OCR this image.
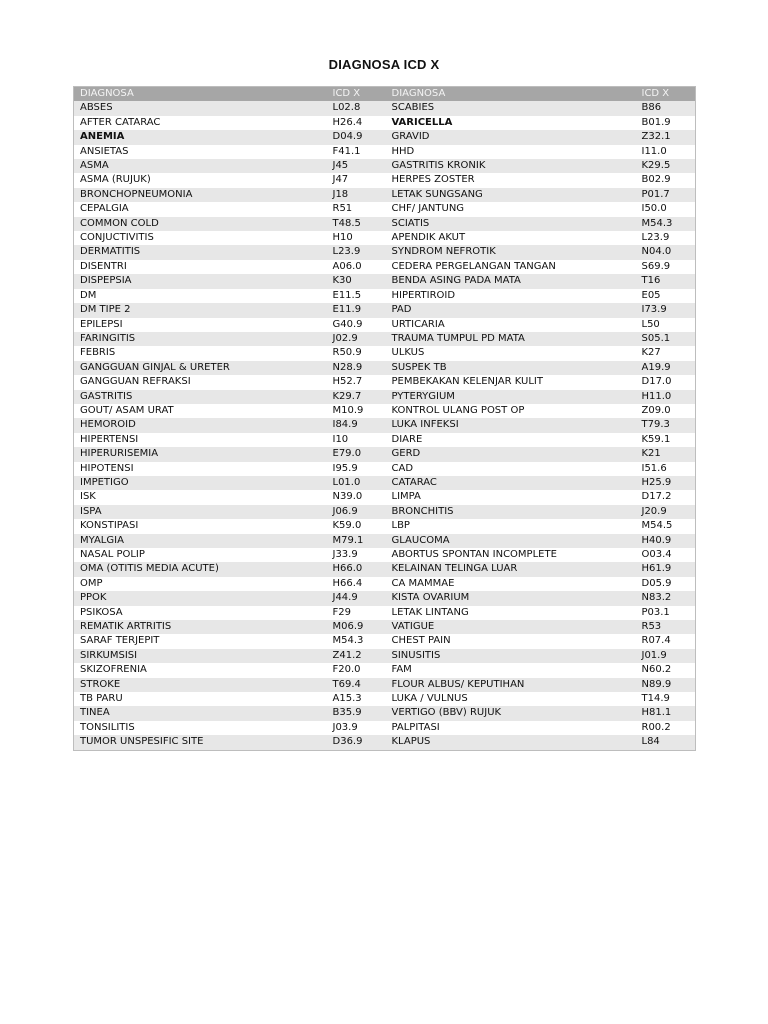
DIAGNOSA ICD X
DIAGNOSA	ICD X	DIAGNOSA	ICD X
ABSES	L02.8	SCABIES	B86
AFTER CATARAC	H26.4	VARICELLA	B01.9
ANEMIA	D04.9	GRAVID	Z32.1
ANSIETAS	F41.1	HHD	I11.0
ASMA	J45	GASTRITIS KRONIK	K29.5
ASMA (RUJUK)	J47	HERPES ZOSTER	B02.9
BRONCHOPNEUMONIA	J18	LETAK SUNGSANG	P01.7
CEPALGIA	R51	CHF/ JANTUNG	I50.0
COMMON COLD	T48.5	SCIATIS	M54.3
CONJUCTIVITIS	H10	APENDIK AKUT	L23.9
DERMATITIS	L23.9	SYNDROM NEFROTIK	N04.0
DISENTRI	A06.0	CEDERA PERGELANGAN TANGAN	S69.9
DISPEPSIA	K30	BENDA ASING PADA MATA	T16
DM	E11.5	HIPERTIROID	E05
DM TIPE 2	E11.9	PAD	I73.9
EPILEPSI	G40.9	URTICARIA	L50
FARINGITIS	J02.9	TRAUMA TUMPUL PD MATA	S05.1
FEBRIS	R50.9	ULKUS	K27
GANGGUAN GINJAL & URETER	N28.9	SUSPEK TB	A19.9
GANGGUAN REFRAKSI	H52.7	PEMBEKAKAN KELENJAR KULIT	D17.0
GASTRITIS	K29.7	PYTERYGIUM	H11.0
GOUT/ ASAM URAT	M10.9	KONTROL ULANG POST OP	Z09.0
HEMOROID	I84.9	LUKA INFEKSI	T79.3
HIPERTENSI	I10	DIARE	K59.1
HIPERURISEMIA	E79.0	GERD	K21
HIPOTENSI	I95.9	CAD	I51.6
IMPETIGO	L01.0	CATARAC	H25.9
ISK	N39.0	LIMPA	D17.2
ISPA	J06.9	BRONCHITIS	J20.9
KONSTIPASI	K59.0	LBP	M54.5
MYALGIA	M79.1	GLAUCOMA	H40.9
NASAL POLIP	J33.9	ABORTUS SPONTAN INCOMPLETE	O03.4
OMA (OTITIS MEDIA ACUTE)	H66.0	KELAINAN TELINGA LUAR	H61.9
OMP	H66.4	CA MAMMAE	D05.9
PPOK	J44.9	KISTA OVARIUM	N83.2
PSIKOSA	F29	LETAK LINTANG	P03.1
REMATIK ARTRITIS	M06.9	VATIGUE	R53
SARAF TERJEPIT	M54.3	CHEST PAIN	R07.4
SIRKUMSISI	Z41.2	SINUSITIS	J01.9
SKIZOFRENIA	F20.0	FAM	N60.2
STROKE	T69.4	FLOUR ALBUS/ KEPUTIHAN	N89.9
TB PARU	A15.3	LUKA / VULNUS	T14.9
TINEA	B35.9	VERTIGO (BBV) RUJUK	H81.1
TONSILITIS	J03.9	PALPITASI	R00.2
TUMOR UNSPESIFIC SITE	D36.9	KLAPUS	L84
